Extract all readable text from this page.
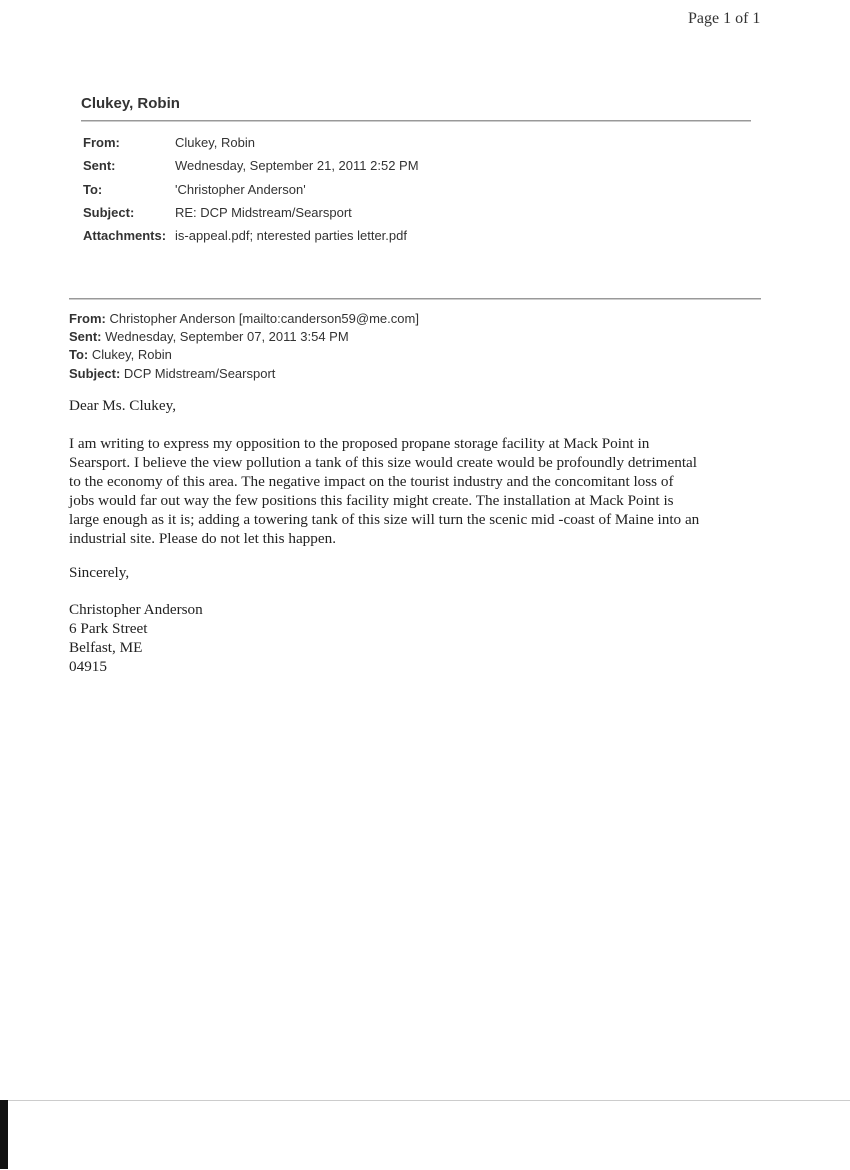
Page 1 of 1
Clukey, Robin
From:	Clukey, Robin
Sent:	Wednesday, September 21, 2011 2:52 PM
To:	'Christopher Anderson'
Subject:	RE: DCP Midstream/Searsport
Attachments: is-appeal.pdf; nterested parties letter.pdf
From: Christopher Anderson [mailto:canderson59@me.com]
Sent: Wednesday, September 07, 2011 3:54 PM
To: Clukey, Robin
Subject: DCP Midstream/Searsport

Dear Ms. Clukey,

I am writing to express my opposition to the proposed propane storage facility at Mack Point in
Searsport. I believe the view pollution a tank of this size would create would be profoundly detrimental
to the economy of this area. The negative impact on the tourist industry and the concomitant loss of
jobs would far out way the few positions this facility might create. The installation at Mack Point is
large enough as it is; adding a towering tank of this size will turn the scenic mid -coast of Maine into an
industrial site. Please do not let this happen.

Sincerely,

Christopher Anderson
6 Park Street
Belfast, ME
04915
